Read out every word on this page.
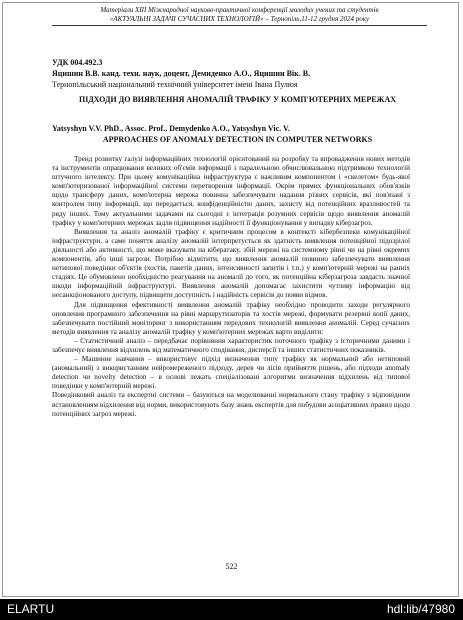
Матеріали XIII Міжнародної науково-практичної конференції молодих учених та студентів
«АКТУАЛЬНІ ЗАДАЧІ СУЧАСНИХ ТЕХНОЛОГІЙ» – Тернопіль,11-12 грудня 2024 року
УДК 004.492.3
Яцишин В.В. канд. техн. наук, доцент, Демиденко А.О., Яцишин Вік. В.
Тернопільський національний технічний університет імені Івана Пулюя
ПІДХОДИ ДО ВИЯВЛЕННЯ АНОМАЛІЙ ТРАФІКУ У КОМП'ЮТЕРНИХ МЕРЕЖАХ
Yatsyshyn V.V. PhD., Assoc. Prof., Demydenko A.O., Yatsyshyn Vic. V.
APPROACHES OF ANOMALY DETECTION IN COMPUTER NETWORKS

Тренд розвитку галузі інформаційних технологій орієнтований на розробку та впровадження нових методів та інструментів опрацювання великих об'ємів інформації з паралельною обчислювальною підтримкою технологій штучного інтелекту. При цьому комунікаційна інфраструктура є важливим компонентом і «скелетом» будь-якої комп'ютеризованої інформаційної системи перетворення інформації. Окрім прямих функціональних обов'язків щодо трансферу даних, комп'ютерна мережа повинна забезпечувати надання різних сервісів, які пов'язані з контролем типу інформації, що передається, конфіденційністю даних, захисту від потенційних вразливостей та ряду інших. Тому актуальними задачами на сьогодні є інтеграція розумних сервісів щодо виявлення аномалій трафіку у комп'ютерних мережах задля підвищення надійності її функціонування у випадку кіберзагроз.

Виявлення та аналіз аномалій трафіку є критичним процесом в контексті кібербезпеки комунікаційної інфраструктури, а саме поняття аналізу аномалій інтерпретується як здатність виявлення потенційної підозрілої діяльності або активності, що може вказувати на кібератаку, збій мережі на системному рівні чи на рівні окремих компонентів, або інші загрози. Потрібно відмітити, що виявлення аномалій повинно забезпечувати виявлення нетипової поведінки об'єктів (хостів, пакетів даних, інтенсивності запитів і т.п.) у комп'ютерній мережі на ранніх стадіях. Це обумовлено необхідністю реагування на аномалії до того, як потенційна кіберзагроза завдасть значної шкоди інформаційній інфраструктурі. Виявлення аномалій допомагає захистити чутливу інформацію від несанкціонованого доступу, підвищити доступність і надійність сервісів до появи відмов.

Для підвищення ефективності виявлення аномалій трафіку необхідно проводити заходи регулярного оновлення програмного забезпечення на рівні маршрутизаторів та хостів мережі, формувати резервні копії даних, забезпечувати постійний моніторинг з використанням передових технологій виявлення аномалій. Серед сучасних методів виявлення та аналізу аномалій трафіку у комп'ютерних мережах варто виділити:

– Статистичний аналіз – передбачає порівняння характеристик поточного трафіку з історичними даними і забезпечує виявлення відхилень від математичного сподівання, дисперсії та інших статистичних показників.

– Машинне навчання – використовує підхід визначення типу трафіку як нормальний або нетиповий (аномальний) з використанням нейромереженого підходу, дерев чи лісів прийняття рішень, або підходи anomaly detection чи novelty detection – в основі лежать спеціалізовані алгоритми визначення відхилень від типової поведінки у комп'ютерній мережі.

Поведінковий аналіз та експертні системи – базуються на моделюванні нормального стану трафіку з відповідним встановленням відхилення від норми, використовують базу знань експертів для побудови асоціативних правил щодо потенційних загроз мережі.

522
ELARTU	hdl:lib/47980
